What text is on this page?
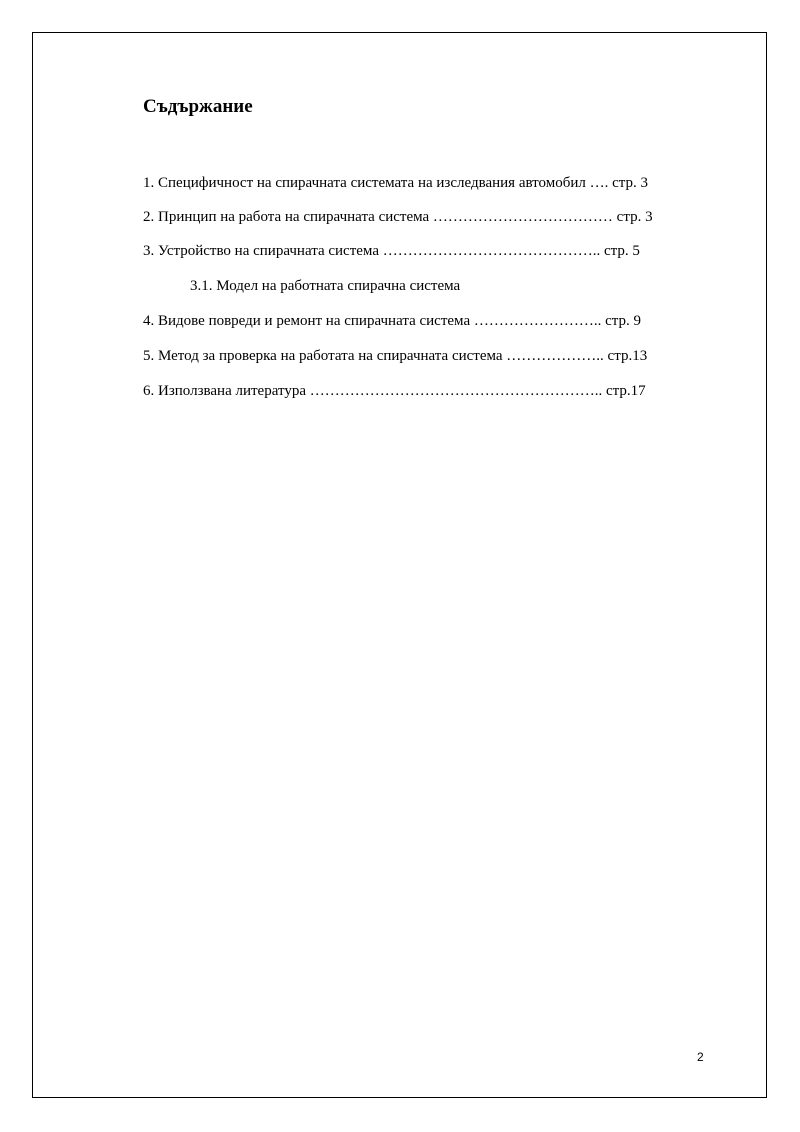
Съдържание
1. Специфичност на спирачната системата на изследвания автомобил …. стр. 3
2. Принцип на работа на спирачната система ……………………………… стр. 3
3. Устройство на спирачната система …………………………………….. стр. 5
3.1. Модел на работната спирачна система
4. Видове повреди и ремонт на спирачната система …………………….. стр. 9
5. Метод за проверка на работата на спирачната система ……………….. стр.13
6. Използвана литература ………………………………………………….. стр.17
2
